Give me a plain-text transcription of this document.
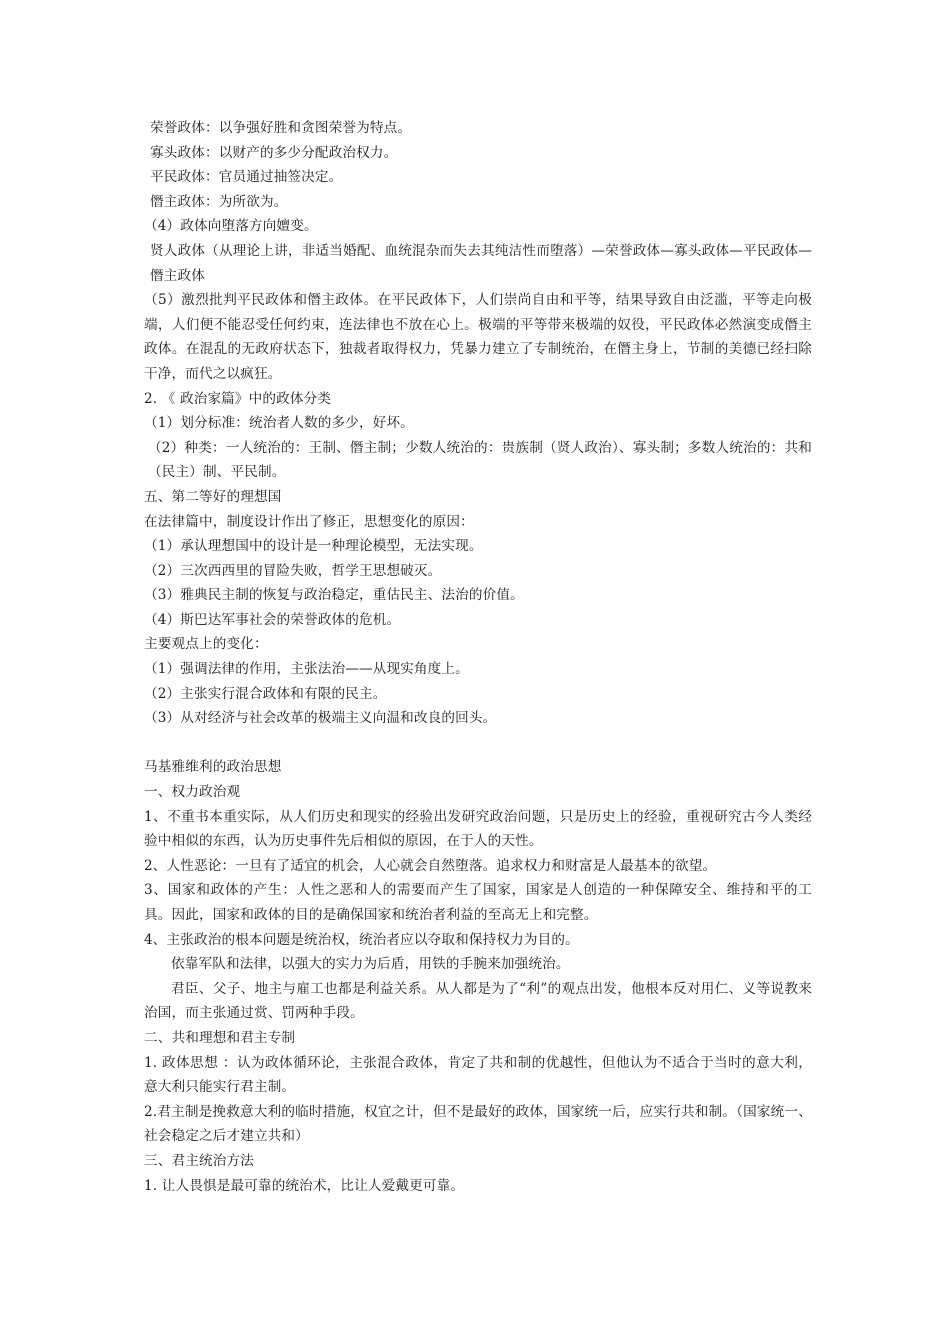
荣誉政体：以争强好胜和贪图荣誉为特点。

寡头政体：以财产的多少分配政治权力。

平民政体：官员通过抽签决定。

僭主政体：为所欲为。

（4）政体向堕落方向嬗变。

贤人政体（从理论上讲，非适当婚配、血统混杂而失去其纯洁性而堕落）—荣誉政体—寡头政体—平民政体—僭主政体

（5）激烈批判平民政体和僭主政体。在平民政体下，人们崇尚自由和平等，结果导致自由泛滥，平等走向极端，人们便不能忍受任何约束，连法律也不放在心上。极端的平等带来极端的奴役，平民政体必然演变成僭主政体。在混乱的无政府状态下，独裁者取得权力，凭暴力建立了专制统治，在僭主身上，节制的美德已经扫除干净，而代之以疯狂。

2. 《 政治家篇》中的政体分类

（1）划分标准：统治者人数的多少，好坏。

（2）种类：一人统治的：王制、僭主制；少数人统治的：贵族制（贤人政治）、寡头制；多数人统治的：共和（民主）制、平民制。

五、第二等好的理想国

在法律篇中，制度设计作出了修正，思想变化的原因：

（1）承认理想国中的设计是一种理论模型，无法实现。

（2）三次西西里的冒险失败，哲学王思想破灭。

（3）雅典民主制的恢复与政治稳定，重估民主、法治的价值。

（4）斯巴达军事社会的荣誉政体的危机。

主要观点上的变化：

（1）强调法律的作用，主张法治——从现实角度上。

（2）主张实行混合政体和有限的民主。

（3）从对经济与社会改革的极端主义向温和改良的回头。

马基雅维利的政治思想

一、权力政治观

1、不重书本重实际，从人们历史和现实的经验出发研究政治问题，只是历史上的经验，重视研究古今人类经验中相似的东西，认为历史事件先后相似的原因，在于人的天性。

2、人性恶论：一旦有了适宜的机会，人心就会自然堕落。追求权力和财富是人最基本的欲望。

3、国家和政体的产生：人性之恶和人的需要而产生了国家，国家是人创造的一种保障安全、维持和平的工具。因此，国家和政体的目的是确保国家和统治者利益的至高无上和完整。

4、主张政治的根本问题是统治权，统治者应以夺取和保持权力为目的。

依靠军队和法律，以强大的实力为后盾，用铁的手腕来加强统治。

君臣、父子、地主与雇工也都是利益关系。从人都是为了“利”的观点出发，他根本反对用仁、义等说教来治国，而主张通过赏、罚两种手段。

二、共和理想和君主专制

1. 政体思想 ：认为政体循环论，主张混合政体，肯定了共和制的优越性，但他认为不适合于当时的意大利，意大利只能实行君主制。

2.君主制是挽救意大利的临时措施，权宜之计，但不是最好的政体，国家统一后，应实行共和制。（国家统一、社会稳定之后才建立共和）

三、君主统治方法

1. 让人畏惧是最可靠的统治术，比让人爱戴更可靠。
